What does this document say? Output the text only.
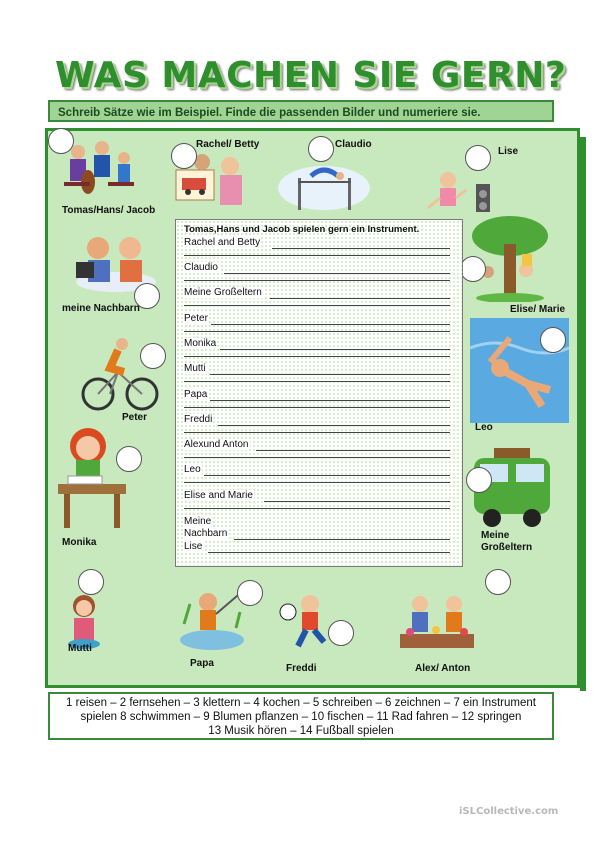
WAS MACHEN SIE GERN?
Schreib Sätze wie im Beispiel. Finde die passenden Bilder und numeriere sie.
Tomas/Hans/ Jacob
Rachel/ Betty	Claudio
Lise
meine Nachbarn	Elise/ Marie
Peter
Leo
Monika
Meine
Großeltern
Mutti
Papa	Freddi	Alex/ Anton
Tomas,Hans und Jacob spielen gern ein Instrument.
Rachel and Betty
Claudio
Meine Großeltern
Peter
Monika
Mutti
Papa
Freddi
Alexund Anton
Leo
Elise and Marie
Meine
Nachbarn
Lise
1 reisen – 2 fernsehen – 3 klettern – 4 kochen – 5 schreiben – 6 zeichnen – 7 ein Instrument
spielen 8 schwimmen – 9 Blumen pflanzen – 10 fischen – 11 Rad fahren – 12 springen
13 Musik hören – 14 Fußball spielen
iSLCollective.com
